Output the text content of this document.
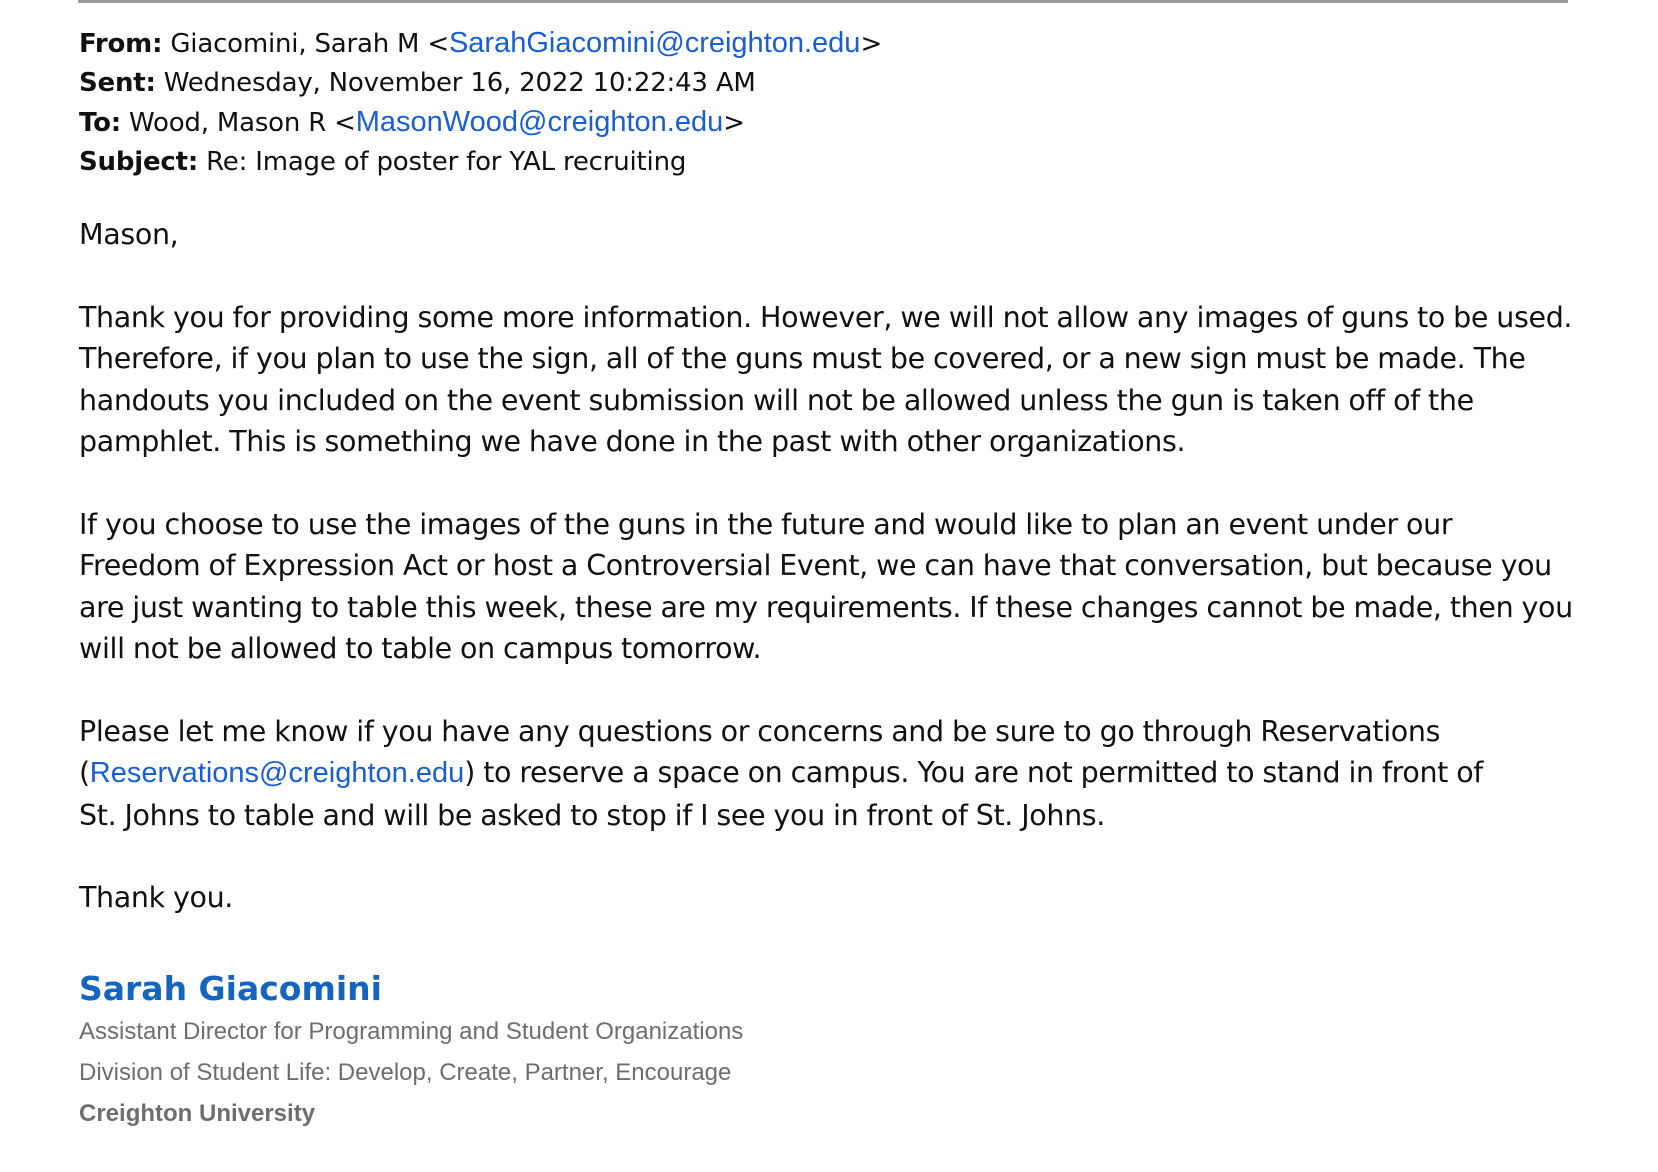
From: Giacomini, Sarah M <SarahGiacomini@creighton.edu>
Sent: Wednesday, November 16, 2022 10:22:43 AM
To: Wood, Mason R <MasonWood@creighton.edu>
Subject: Re: Image of poster for YAL recruiting
Mason,
Thank you for providing some more information. However, we will not allow any images of guns to be used.
Therefore, if you plan to use the sign, all of the guns must be covered, or a new sign must be made. The
handouts you included on the event submission will not be allowed unless the gun is taken off of the
pamphlet. This is something we have done in the past with other organizations.
If you choose to use the images of the guns in the future and would like to plan an event under our
Freedom of Expression Act or host a Controversial Event, we can have that conversation, but because you
are just wanting to table this week, these are my requirements. If these changes cannot be made, then you
will not be allowed to table on campus tomorrow.
Please let me know if you have any questions or concerns and be sure to go through Reservations
(Reservations@creighton.edu) to reserve a space on campus. You are not permitted to stand in front of
St. Johns to table and will be asked to stop if I see you in front of St. Johns.
Thank you.
Sarah Giacomini
Assistant Director for Programming and Student Organizations
Division of Student Life: Develop, Create, Partner, Encourage
Creighton University
